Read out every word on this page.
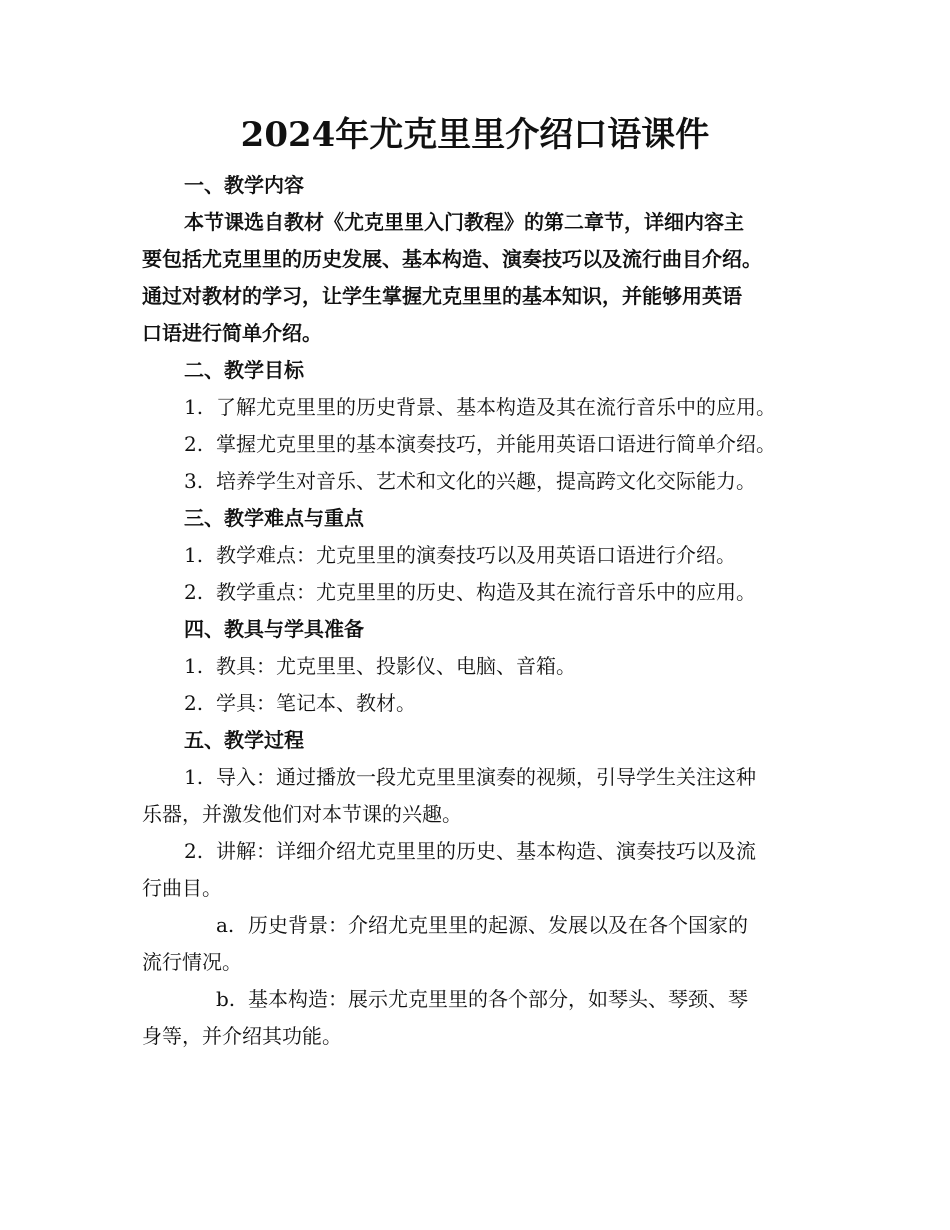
2024年尤克里里介绍口语课件

一、教学内容

本节课选自教材《尤克里里入门教程》的第二章节，详细内容主

要包括尤克里里的历史发展、基本构造、演奏技巧以及流行曲目介绍。

通过对教材的学习，让学生掌握尤克里里的基本知识，并能够用英语

口语进行简单介绍。

二、教学目标

1. 了解尤克里里的历史背景、基本构造及其在流行音乐中的应用。

2. 掌握尤克里里的基本演奏技巧，并能用英语口语进行简单介绍。

3. 培养学生对音乐、艺术和文化的兴趣，提高跨文化交际能力。

三、教学难点与重点

1. 教学难点：尤克里里的演奏技巧以及用英语口语进行介绍。

2. 教学重点：尤克里里的历史、构造及其在流行音乐中的应用。

四、教具与学具准备

1. 教具：尤克里里、投影仪、电脑、音箱。

2. 学具：笔记本、教材。

五、教学过程

1. 导入：通过播放一段尤克里里演奏的视频，引导学生关注这种

乐器，并激发他们对本节课的兴趣。

2. 讲解：详细介绍尤克里里的历史、基本构造、演奏技巧以及流

行曲目。

a. 历史背景：介绍尤克里里的起源、发展以及在各个国家的

流行情况。

b. 基本构造：展示尤克里里的各个部分，如琴头、琴颈、琴

身等，并介绍其功能。
